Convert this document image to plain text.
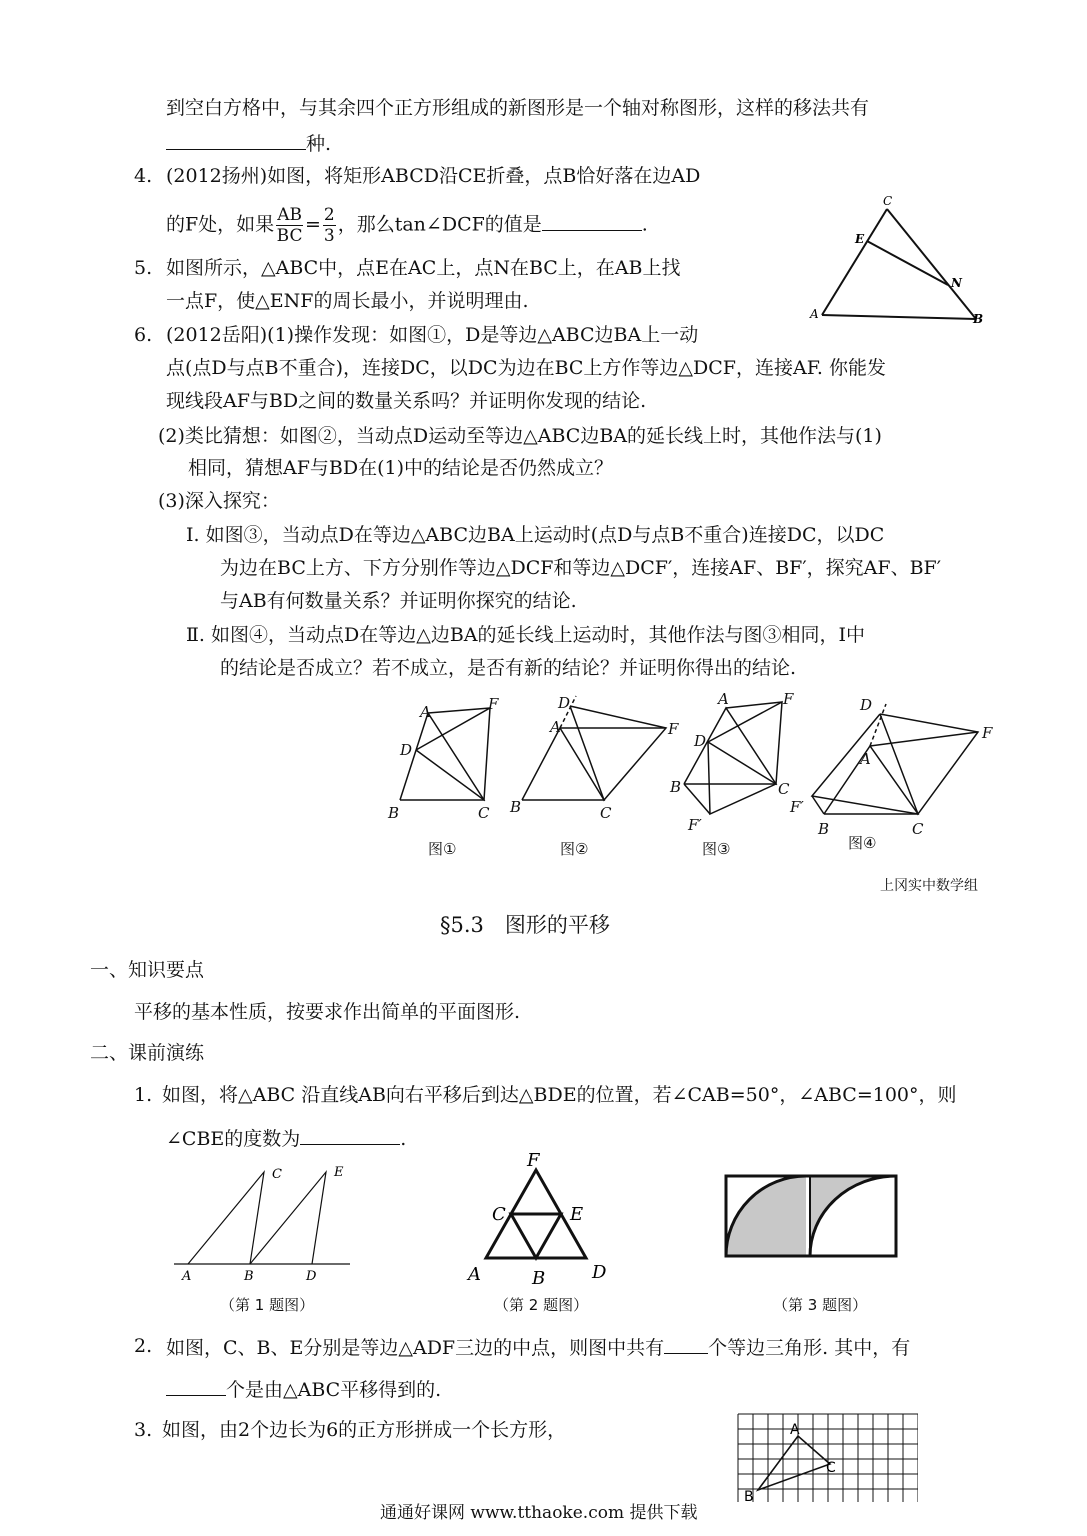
到空白方格中，与其余四个正方形组成的新图形是一个轴对称图形，这样的移法共有
种.
4. (2012扬州)如图，将矩形ABCD沿CE折叠，点B恰好落在边AD
的F处，如果 $\frac{AB}{BC} = \frac{2}{3}$ ，那么tan∠DCF的值是	.
5. 如图所示，△ABC中，点E在AC上，点N在BC上，在AB上找
一点F，使△ENF的周长最小，并说明理由.
C
E
N
A	B
6. (2012岳阳)(1)操作发现：如图①，D是等边△ABC边BA上一动
点(点D与点B不重合)，连接DC，以DC为边在BC上方作等边△DCF，连接AF. 你能发
现线段AF与BD之间的数量关系吗？并证明你发现的结论.
(2)类比猜想：如图②，当动点D运动至等边△ABC边BA的延长线上时，其他作法与(1)
相同，猜想AF与BD在(1)中的结论是否仍然成立？
(3)深入探究：
Ⅰ. 如图③，当动点D在等边△ABC边BA上运动时(点D与点B不重合)连接DC，以DC
为边在BC上方、下方分别作等边△DCF和等边△DCF′，连接AF、BF′，探究AF、BF′
与AB有何数量关系？并证明你探究的结论.
Ⅱ. 如图④，当动点D在等边△边BA的延长线上运动时，其他作法与图③相同，Ⅰ中
的结论是否成立？若不成立，是否有新的结论？并证明你得出的结论.
A	F
D
B	C
D
A	F
B	C
A	F
D
B	C
F′
D
A
F
F′
B	C
图①	图②	图③	图④
上冈实中数学组
§5.3　图形的平移
一、知识要点
平移的基本性质，按要求作出简单的平面图形.
二、课前演练
1. 如图，将△ABC 沿直线AB向右平移后到达△BDE的位置，若∠CAB=50°，∠ABC=100°，则
∠CBE的度数为	.
A	B	D
C	E
（第 1 题图）
F
C	E
A	B	D
（第 2 题图）	（第 3 题图）
2. 如图，C、B、E分别是等边△ADF三边的中点，则图中共有 个等边三角形. 其中，有
个是由△ABC平移得到的.
3. 如图，由2个边长为6的正方形拼成一个长方形，	A
B
C
通通好课网 www.tthaoke.com 提供下载
